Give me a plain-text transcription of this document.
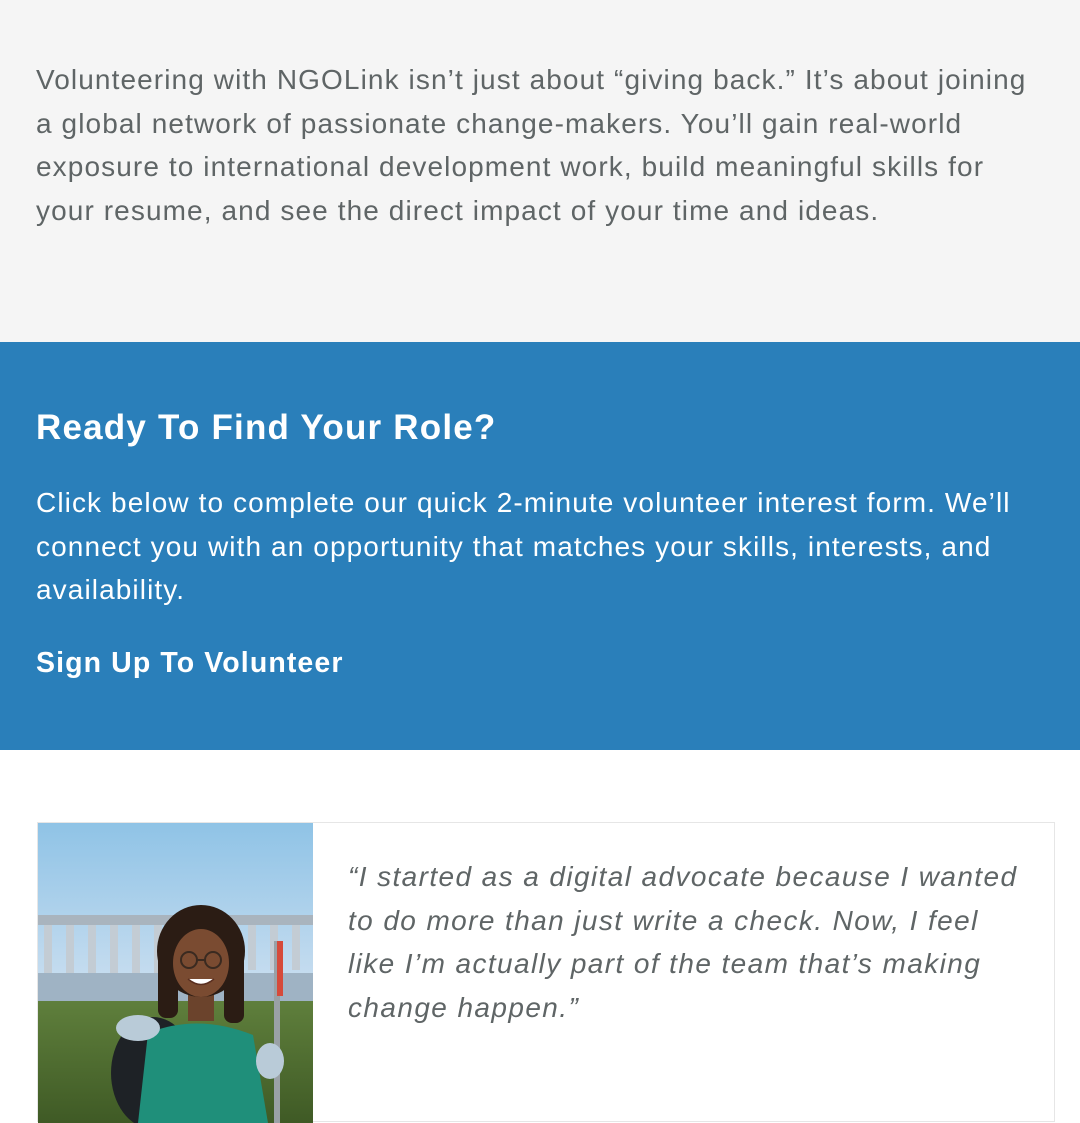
Volunteering with NGOLink isn’t just about “giving back.” It’s about joining a global network of passionate change-makers. You’ll gain real-world exposure to international development work, build meaningful skills for your resume, and see the direct impact of your time and ideas.

Ready To Find Your Role?

Click below to complete our quick 2-minute volunteer interest form. We’ll connect you with an opportunity that matches your skills, interests, and availability.

Sign Up To Volunteer

“I started as a digital advocate because I wanted to do more than just write a check. Now, I feel like I’m actually part of the team that’s making change happen.”
